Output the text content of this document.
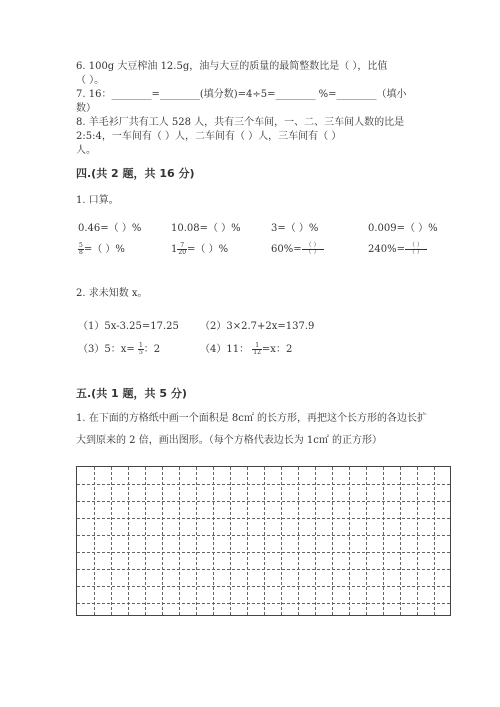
6. 100g 大豆榨油 12.5g，油与大豆的质量的最简整数比是（ ），比值
（ ）。
7. 16：________=________(填分数)=4÷5=________ %=________（填小
数）
8. 羊毛衫厂共有工人 528 人，共有三个车间，一、二、三车间人数的比是
2:5:4，一车间有（ ）人，二车间有（ ）人，三车间有（ ）
人。
四.(共 2 题，共 16 分)
1. 口算。
0.46=（ ）%	10.08=（ ）%	3=（ ）%	0.009=（ ）%
$\frac{5}{8}$ =（ ）%	$1 \frac{7}{20}$ =（ ）%	$60\%= \frac{( )}{( )}$	$240\%= \frac{( )}{( )}$
2. 求未知数 x。
（1）5x-3.25=17.25 （2）3×2.7+2x=137.9
（3）5：$x= \frac{1}{5}$ ：2	（4）11： $\frac{1}{12} =x$：2
五.(共 1 题，共 5 分)
1. 在下面的方格纸中画一个面积是 8c㎡ 的长方形，再把这个长方形的各边长扩
大到原来的 2 倍，画出图形。（每个方格代表边长为 1c㎡ 的正方形）
